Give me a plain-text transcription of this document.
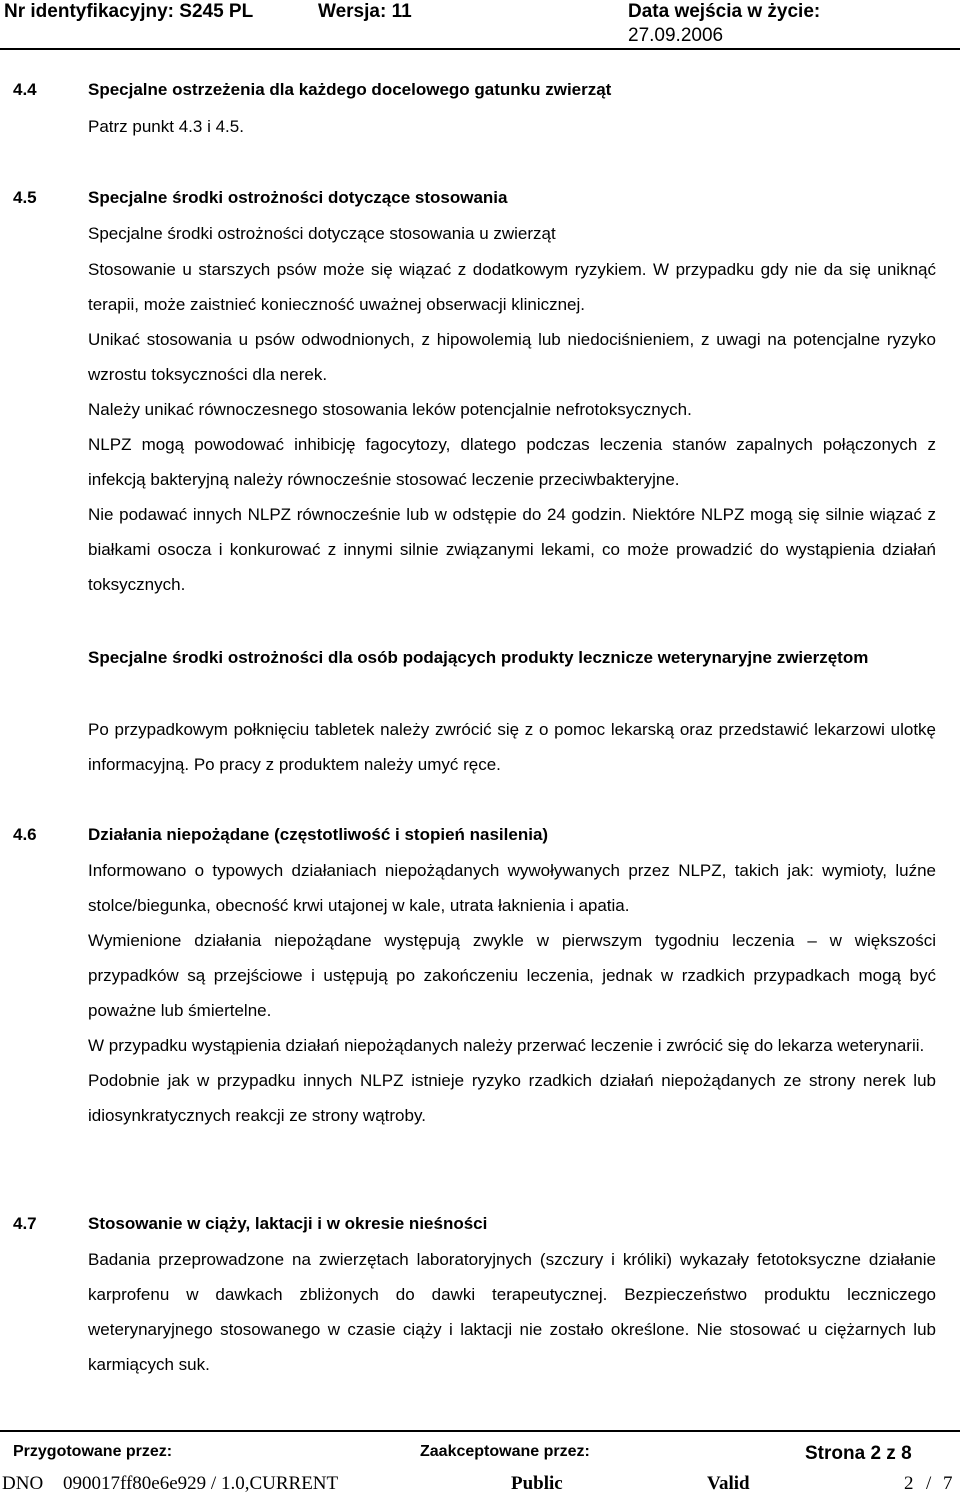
Nr identyfikacyjny: S245 PL	Wersja: 11	Data wejścia w życie:
27.09.2006
4.4	Specjalne ostrzeżenia dla każdego docelowego gatunku zwierząt
Patrz punkt 4.3 i 4.5.
4.5	Specjalne środki ostrożności dotyczące stosowania
Specjalne środki ostrożności dotyczące stosowania u zwierząt

Stosowanie u starszych psów może się wiązać z dodatkowym ryzykiem. W przypadku gdy nie da się uniknąć terapii, może zaistnieć konieczność uważnej obserwacji klinicznej.

Unikać stosowania u psów odwodnionych, z hipowolemią lub niedociśnieniem, z uwagi na potencjalne ryzyko wzrostu toksyczności dla nerek.

Należy unikać równoczesnego stosowania leków potencjalnie nefrotoksycznych.

NLPZ mogą powodować inhibicję fagocytozy, dlatego podczas leczenia stanów zapalnych połączonych z infekcją bakteryjną należy równocześnie stosować leczenie przeciwbakteryjne.

Nie podawać innych NLPZ równocześnie lub w odstępie do 24 godzin. Niektóre NLPZ mogą się silnie wiązać z białkami osocza i konkurować z innymi silnie związanymi lekami, co może prowadzić do wystąpienia działań toksycznych.

Specjalne środki ostrożności dla osób podających produkty lecznicze weterynaryjne zwierzętom
Po przypadkowym połknięciu tabletek należy zwrócić się z o pomoc lekarską oraz przedstawić lekarzowi ulotkę informacyjną. Po pracy z produktem należy umyć ręce.
4.6	Działania niepożądane (częstotliwość i stopień nasilenia)

Informowano o typowych działaniach niepożądanych wywoływanych przez NLPZ, takich jak: wymioty, luźne stolce/biegunka, obecność krwi utajonej w kale, utrata łaknienia i apatia.

Wymienione działania niepożądane występują zwykle w pierwszym tygodniu leczenia – w większości przypadków są przejściowe i ustępują po zakończeniu leczenia, jednak w rzadkich przypadkach mogą być poważne lub śmiertelne.

W przypadku wystąpienia działań niepożądanych należy przerwać leczenie i zwrócić się do lekarza weterynarii.

Podobnie jak w przypadku innych NLPZ istnieje ryzyko rzadkich działań niepożądanych ze strony nerek lub idiosynkratycznych reakcji ze strony wątroby.

4.7	Stosowanie w ciąży, laktacji i w okresie nieśności

Badania przeprowadzone na zwierzętach laboratoryjnych (szczury i króliki) wykazały fetotoksyczne działanie karprofenu w dawkach zbliżonych do dawki terapeutycznej. Bezpieczeństwo produktu leczniczego weterynaryjnego stosowanego w czasie ciąży i laktacji nie zostało określone. Nie stosować u ciężarnych lub karmiących suk.

Przygotowane przez:	Zaakceptowane przez:	Strona 2 z 8
DNO 090017ff80e6e929 / 1.0,CURRENT	Public	Valid	2 / 7
